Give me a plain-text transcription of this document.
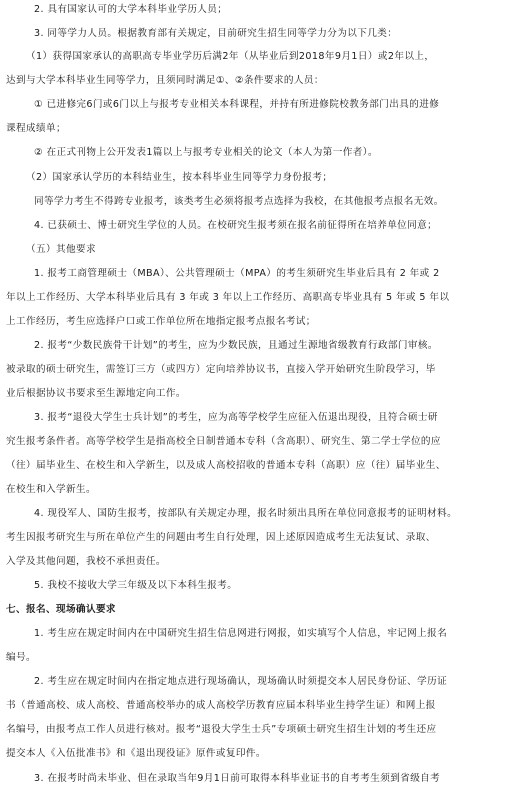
2. 具有国家认可的大学本科毕业学历人员；

3. 同等学力人员。根据教育部有关规定，目前研究生招生同等学力分为以下几类：

（1）获得国家承认的高职高专毕业学历后满2年（从毕业后到2018年9月1日）或2年以上，

达到与大学本科毕业生同等学力，且须同时满足①、②条件要求的人员：

① 已进修完6门或6门以上与报考专业相关本科课程，并持有所进修院校教务部门出具的进修

课程成绩单；

② 在正式刊物上公开发表1篇以上与报考专业相关的论文（本人为第一作者）。

（2）国家承认学历的本科结业生，按本科毕业生同等学力身份报考；

同等学力考生不得跨专业报考，该类考生必须将报考点选择为我校，在其他报考点报名无效。

4. 已获硕士、博士研究生学位的人员。在校研究生报考须在报名前征得所在培养单位同意；

（五）其他要求

1. 报考工商管理硕士（MBA）、公共管理硕士（MPA）的考生须研究生毕业后具有 2 年或 2

年以上工作经历、大学本科毕业后具有 3 年或 3 年以上工作经历、高职高专毕业具有 5 年或 5 年以

上工作经历，考生应选择户口或工作单位所在地指定报考点报名考试；

2. 报考“少数民族骨干计划”的考生，应为少数民族，且通过生源地省级教育行政部门审核。

被录取的硕士研究生，需签订三方（或四方）定向培养协议书，直接入学开始研究生阶段学习，毕

业后根据协议书要求至生源地定向工作。

3. 报考“退役大学生士兵计划”的考生，应为高等学校学生应征入伍退出现役，且符合硕士研

究生报考条件者。高等学校学生是指高校全日制普通本专科（含高职）、研究生、第二学士学位的应

（往）届毕业生、在校生和入学新生，以及成人高校招收的普通本专科（高职）应（往）届毕业生、

在校生和入学新生。

4. 现役军人、国防生报考，按部队有关规定办理，报名时须出具所在单位同意报考的证明材料。

考生因报考研究生与所在单位产生的问题由考生自行处理，因上述原因造成考生无法复试、录取、

入学及其他问题，我校不承担责任。

5. 我校不接收大学三年级及以下本科生报考。

七、报名、现场确认要求

1. 考生应在规定时间内在中国研究生招生信息网进行网报，如实填写个人信息，牢记网上报名

编号。

2. 考生应在规定时间内在指定地点进行现场确认，现场确认时须提交本人居民身份证、学历证

书（普通高校、成人高校、普通高校举办的成人高校学历教育应届本科毕业生持学生证）和网上报

名编号，由报考点工作人员进行核对。报考“退役大学生士兵”专项硕士研究生招生计划的考生还应

提交本人《入伍批准书》和《退出现役证》原件或复印件。

3. 在报考时尚未毕业、但在录取当年9月1日前可取得本科毕业证书的自考考生须到省级自考
